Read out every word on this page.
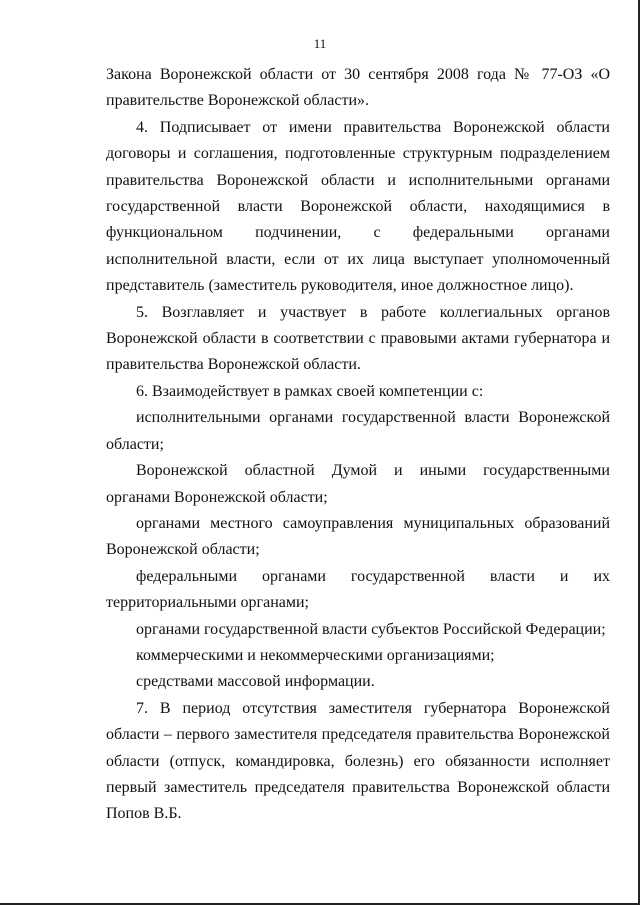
11

Закона Воронежской области от 30 сентября 2008 года № 77-ОЗ «О правительстве Воронежской области».

4. Подписывает от имени правительства Воронежской области договоры и соглашения, подготовленные структурным подразделением правительства Воронежской области и исполнительными органами государственной власти Воронежской области, находящимися в функциональном подчинении, с федеральными органами исполнительной власти, если от их лица выступает уполномоченный представитель (заместитель руководителя, иное должностное лицо).

5. Возглавляет и участвует в работе коллегиальных органов Воронежской области в соответствии с правовыми актами губернатора и правительства Воронежской области.

6. Взаимодействует в рамках своей компетенции с:

исполнительными органами государственной власти Воронежской области;

Воронежской областной Думой и иными государственными органами Воронежской области;

органами местного самоуправления муниципальных образований Воронежской области;

федеральными органами государственной власти и их территориальными органами;

органами государственной власти субъектов Российской Федерации;

коммерческими и некоммерческими организациями;

средствами массовой информации.

7. В период отсутствия заместителя губернатора Воронежской области – первого заместителя председателя правительства Воронежской области (отпуск, командировка, болезнь) его обязанности исполняет первый заместитель председателя правительства Воронежской области Попов В.Б.
